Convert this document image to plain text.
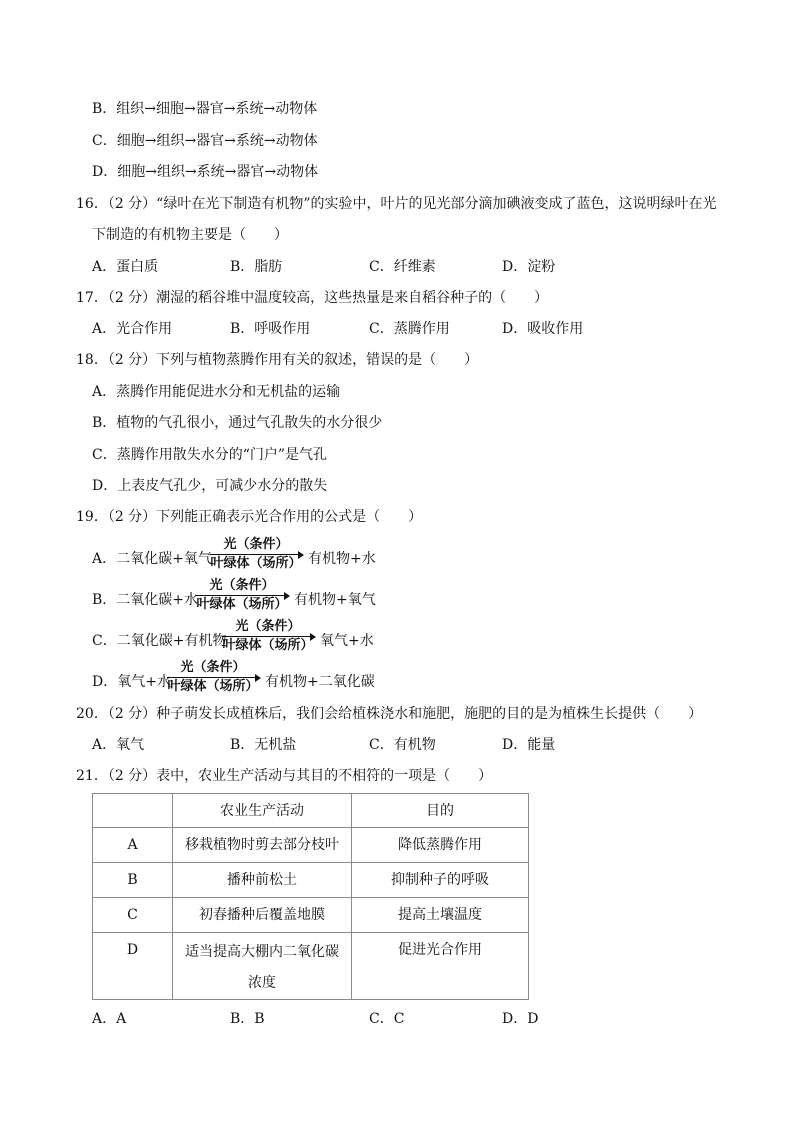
B．组织→细胞→器官→系统→动物体
C．细胞→组织→器官→系统→动物体
D．细胞→组织→系统→器官→动物体
16．（2 分）“绿叶在光下制造有机物”的实验中，叶片的见光部分滴加碘液变成了蓝色，这说明绿叶在光
下制造的有机物主要是（　　）
A．蛋白质	B．脂肪	C．纤维素	D．淀粉
17．（2 分）潮湿的稻谷堆中温度较高，这些热量是来自稻谷种子的（　　）
A．光合作用	B．呼吸作用	C．蒸腾作用	D．吸收作用
18．（2 分）下列与植物蒸腾作用有关的叙述，错误的是（　　）
A．蒸腾作用能促进水分和无机盐的运输
B．植物的气孔很小，通过气孔散失的水分很少
C．蒸腾作用散失水分的“门户”是气孔
D．上表皮气孔少，可减少水分的散失
19．（2 分）下列能正确表示光合作用的公式是（　　）
A．二氧化碳+氧气
光（条件）
叶绿体（场所） 有机物+水
B．二氧化碳+水
光（条件）
叶绿体（场所） 有机物+氧气
C．二氧化碳+有机物
光（条件）
叶绿体（场所） 氧气+水
D．氧气+水
光（条件）
叶绿体（场所） 有机物+二氧化碳
20．（2 分）种子萌发长成植株后，我们会给植株浇水和施肥，施肥的目的是为植株生长提供（　　）
A．氧气	B．无机盐	C．有机物	D．能量
21．（2 分）表中，农业生产活动与其目的不相符的一项是（　　）

	农业生产活动	目的

A	移栽植物时剪去部分枝叶	降低蒸腾作用

B	播种前松土	抑制种子的呼吸

C	初春播种后覆盖地膜	提高土壤温度

D	适当提高大棚内二氧化碳浓度	促进光合作用
A．A	B．B	C．C	D．D
